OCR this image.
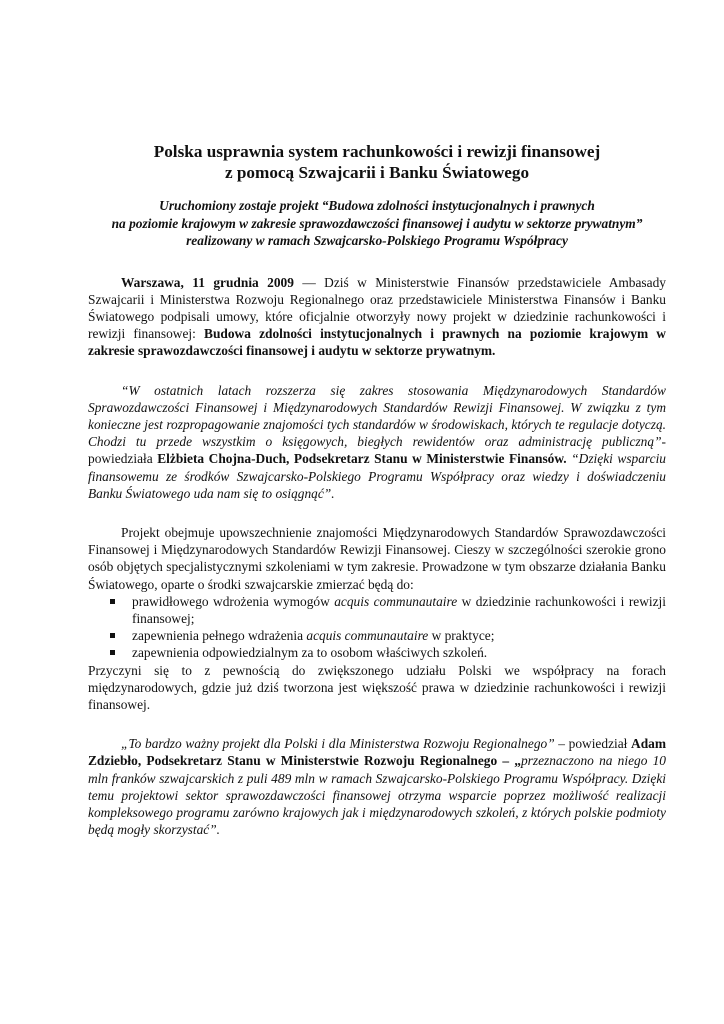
Polska usprawnia system rachunkowości i rewizji finansowej
z pomocą Szwajcarii i Banku Światowego
Uruchomiony zostaje projekt “Budowa zdolności instytucjonalnych i prawnych
na poziomie krajowym w zakresie sprawozdawczości finansowej i audytu w sektorze prywatnym”
realizowany w ramach Szwajcarsko-Polskiego Programu Współpracy

Warszawa, 11 grudnia 2009 — Dziś w Ministerstwie Finansów przedstawiciele Ambasady Szwajcarii i Ministerstwa Rozwoju Regionalnego oraz przedstawiciele Ministerstwa Finansów i Banku Światowego podpisali umowy, które oficjalnie otworzyły nowy projekt w dziedzinie rachunkowości i rewizji finansowej: Budowa zdolności instytucjonalnych i prawnych na poziomie krajowym w zakresie sprawozdawczości finansowej i audytu w sektorze prywatnym.

“W ostatnich latach rozszerza się zakres stosowania Międzynarodowych Standardów Sprawozdawczości Finansowej i Międzynarodowych Standardów Rewizji Finansowej. W związku z tym konieczne jest rozpropagowanie znajomości tych standardów w środowiskach, których te regulacje dotyczą. Chodzi tu przede wszystkim o księgowych, biegłych rewidentów oraz administrację publiczną”- powiedziała Elżbieta Chojna-Duch, Podsekretarz Stanu w Ministerstwie Finansów. “Dzięki wsparciu finansowemu ze środków Szwajcarsko-Polskiego Programu Współpracy oraz wiedzy i doświadczeniu Banku Światowego uda nam się to osiągnąć”.

Projekt obejmuje upowszechnienie znajomości Międzynarodowych Standardów Sprawozdawczości Finansowej i Międzynarodowych Standardów Rewizji Finansowej. Cieszy w szczególności szerokie grono osób objętych specjalistycznymi szkoleniami w tym zakresie. Prowadzone w tym obszarze działania Banku Światowego, oparte o środki szwajcarskie zmierzać będą do:

prawidłowego wdrożenia wymogów acquis communautaire w dziedzinie rachunkowości i rewizji finansowej;
zapewnienia pełnego wdrażenia acquis communautaire w praktyce;
zapewnienia odpowiedzialnym za to osobom właściwych szkoleń.

Przyczyni się to z pewnością do zwiększonego udziału Polski we współpracy na forach międzynarodowych, gdzie już dziś tworzona jest większość prawa w dziedzinie rachunkowości i rewizji finansowej.

„To bardzo ważny projekt dla Polski i dla Ministerstwa Rozwoju Regionalnego” – powiedział Adam Zdziebło, Podsekretarz Stanu w Ministerstwie Rozwoju Regionalnego – „przeznaczono na niego 10 mln franków szwajcarskich z puli 489 mln w ramach Szwajcarsko-Polskiego Programu Współpracy. Dzięki temu projektowi sektor sprawozdawczości finansowej otrzyma wsparcie poprzez możliwość realizacji kompleksowego programu zarówno krajowych jak i międzynarodowych szkoleń, z których polskie podmioty będą mogły skorzystać”.
